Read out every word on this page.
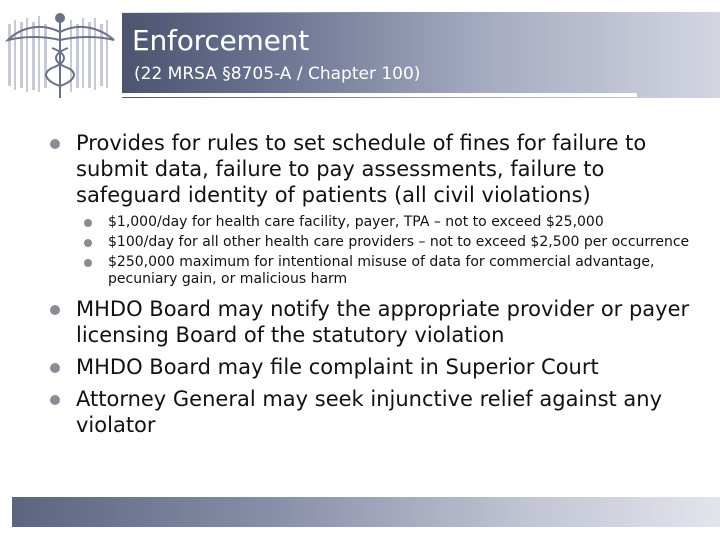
Enforcement

(22 MRSA §8705-A / Chapter 100)

Provides for rules to set schedule of fines for failure to submit data, failure to pay assessments, failure to safeguard identity of patients (all civil violations)
$1,000/day for health care facility, payer, TPA – not to exceed $25,000
$100/day for all other health care providers – not to exceed $2,500 per occurrence
$250,000 maximum for intentional misuse of data for commercial advantage, pecuniary gain, or malicious harm
MHDO Board may notify the appropriate provider or payer licensing Board of the statutory violation
MHDO Board may file complaint in Superior Court
Attorney General may seek injunctive relief against any violator
